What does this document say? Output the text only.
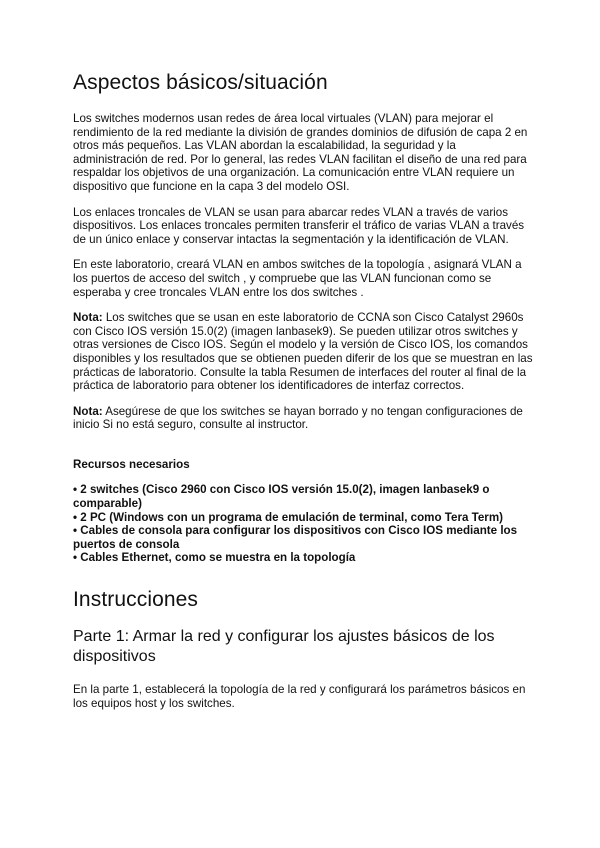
Aspectos básicos/situación

Los switches modernos usan redes de área local virtuales (VLAN) para mejorar el rendimiento de la red mediante la división de grandes dominios de difusión de capa 2 en otros más pequeños. Las VLAN abordan la escalabilidad, la seguridad y la administración de red. Por lo general, las redes VLAN facilitan el diseño de una red para respaldar los objetivos de una organización. La comunicación entre VLAN requiere un dispositivo que funcione en la capa 3 del modelo OSI.

Los enlaces troncales de VLAN se usan para abarcar redes VLAN a través de varios dispositivos. Los enlaces troncales permiten transferir el tráfico de varias VLAN a través de un único enlace y conservar intactas la segmentación y la identificación de VLAN.

En este laboratorio, creará VLAN en ambos switches de la topología , asignará VLAN a los puertos de acceso del switch , y compruebe que las VLAN funcionan como se esperaba y cree troncales VLAN entre los dos switches .

Nota: Los switches que se usan en este laboratorio de CCNA son Cisco Catalyst 2960s con Cisco IOS versión 15.0(2) (imagen lanbasek9). Se pueden utilizar otros switches y otras versiones de Cisco IOS. Según el modelo y la versión de Cisco IOS, los comandos disponibles y los resultados que se obtienen pueden diferir de los que se muestran en las prácticas de laboratorio. Consulte la tabla Resumen de interfaces del router al final de la práctica de laboratorio para obtener los identificadores de interfaz correctos.

Nota: Asegúrese de que los switches se hayan borrado y no tengan configuraciones de inicio Si no está seguro, consulte al instructor.

Recursos necesarios
• 2 switches (Cisco 2960 con Cisco IOS versión 15.0(2), imagen lanbasek9 o comparable)
• 2 PC (Windows con un programa de emulación de terminal, como Tera Term)
• Cables de consola para configurar los dispositivos con Cisco IOS mediante los puertos de consola
• Cables Ethernet, como se muestra en la topología
Instrucciones
Parte 1: Armar la red y configurar los ajustes básicos de los dispositivos

En la parte 1, establecerá la topología de la red y configurará los parámetros básicos en los equipos host y los switches.
